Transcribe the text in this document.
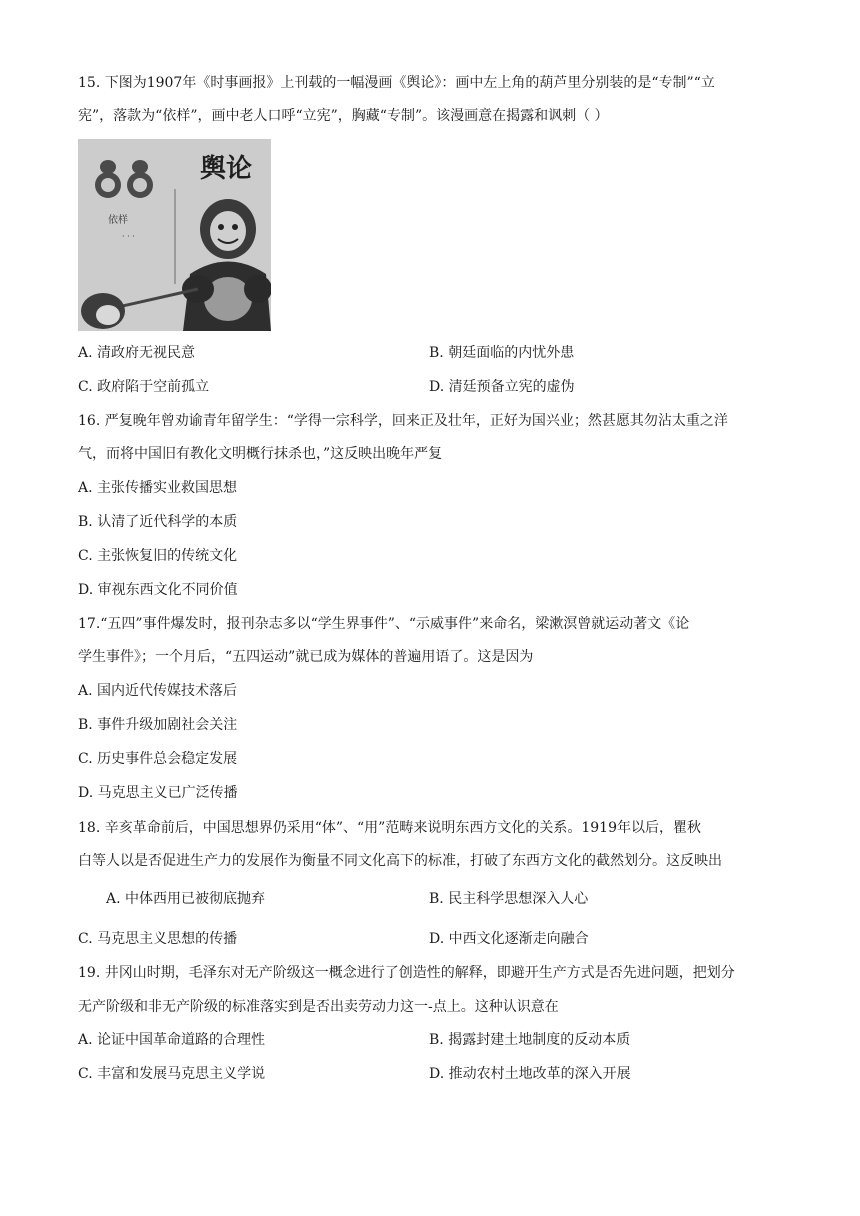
15. 下图为1907年《时事画报》上刊载的一幅漫画《舆论》：画中左上角的葫芦里分别装的是“专制”“立
宪”，落款为“依样”，画中老人口呼“立宪”，胸藏“专制”。该漫画意在揭露和讽刺（ ）
依样
· · ·
舆论
A. 清政府无视民意	B. 朝廷面临的内忧外患
C. 政府陷于空前孤立	D. 清廷预备立宪的虚伪
16. 严复晚年曾劝谕青年留学生：“学得一宗科学，回来正及壮年，正好为国兴业；然甚愿其勿沾太重之洋
气，而将中国旧有教化文明概行抹杀也，”这反映出晚年严复
A. 主张传播实业救国思想
B. 认清了近代科学的本质
C. 主张恢复旧的传统文化
D. 审视东西文化不同价值
17.“五四”事件爆发时，报刊杂志多以“学生界事件”、“示威事件”来命名，梁漱溟曾就运动著文《论
学生事件》；一个月后，“五四运动”就已成为媒体的普遍用语了。这是因为
A. 国内近代传媒技术落后
B. 事件升级加剧社会关注
C. 历史事件总会稳定发展
D. 马克思主义已广泛传播
18. 辛亥革命前后，中国思想界仍采用“体”、“用”范畴来说明东西方文化的关系。1919年以后，瞿秋
白等人以是否促进生产力的发展作为衡量不同文化高下的标准，打破了东西方文化的截然划分。这反映出
A. 中体西用已被彻底抛弃	B. 民主科学思想深入人心
C. 马克思主义思想的传播	D. 中西文化逐渐走向融合
19. 井冈山时期，毛泽东对无产阶级这一概念进行了创造性的解释，即避开生产方式是否先进问题，把划分
无产阶级和非无产阶级的标准落实到是否出卖劳动力这一-点上。这种认识意在
A. 论证中国革命道路的合理性	B. 揭露封建土地制度的反动本质
C. 丰富和发展马克思主义学说	D. 推动农村土地改革的深入开展
